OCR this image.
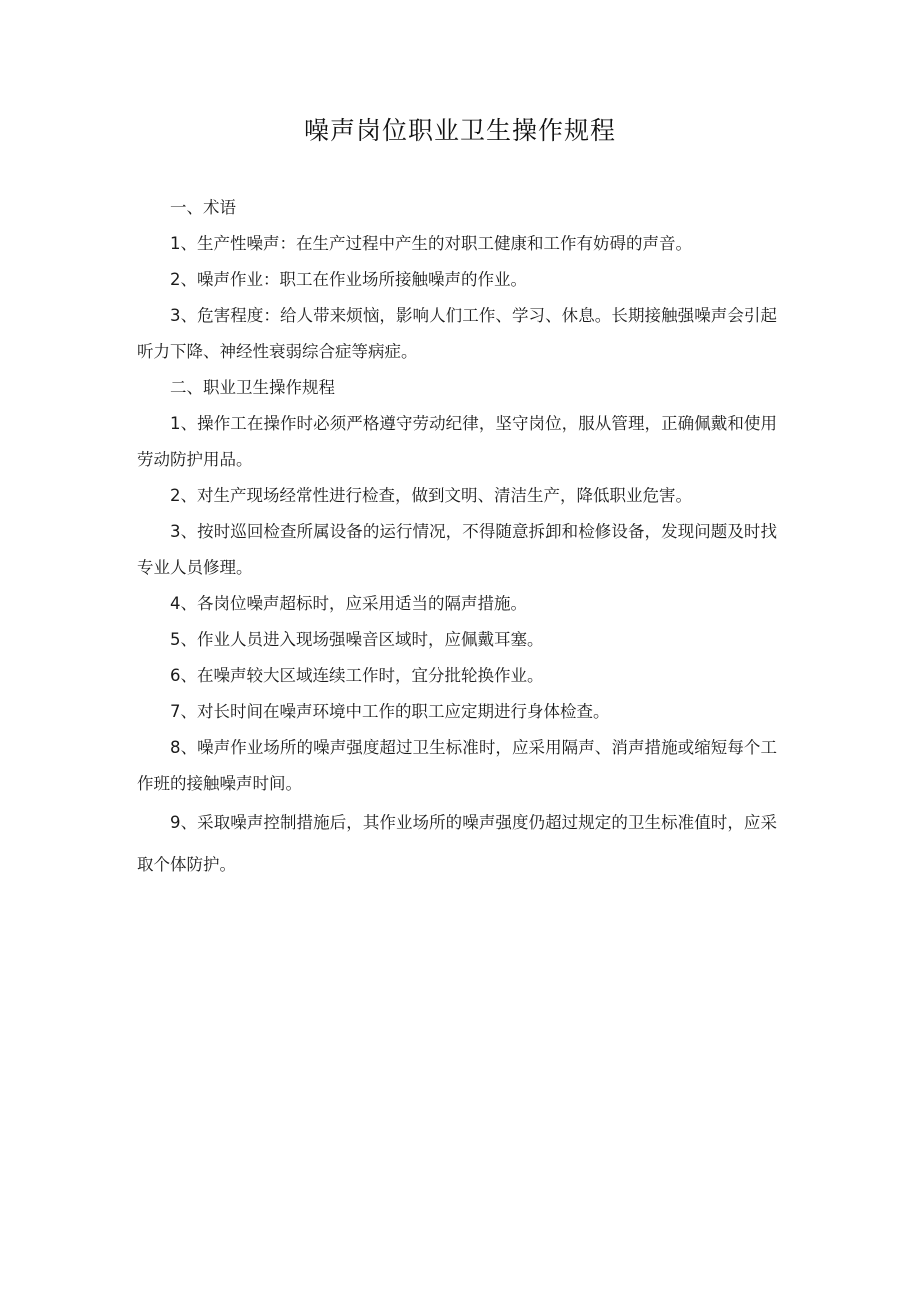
噪声岗位职业卫生操作规程

一、术语

1、生产性噪声：在生产过程中产生的对职工健康和工作有妨碍的声音。

2、噪声作业：职工在作业场所接触噪声的作业。

3、危害程度：给人带来烦恼，影响人们工作、学习、休息。长期接触强噪声会引起听力下降、神经性衰弱综合症等病症。

二、职业卫生操作规程

1、操作工在操作时必须严格遵守劳动纪律，坚守岗位，服从管理，正确佩戴和使用劳动防护用品。

2、对生产现场经常性进行检查，做到文明、清洁生产，降低职业危害。

3、按时巡回检查所属设备的运行情况，不得随意拆卸和检修设备，发现问题及时找专业人员修理。

4、各岗位噪声超标时，应采用适当的隔声措施。

5、作业人员进入现场强噪音区域时，应佩戴耳塞。

6、在噪声较大区域连续工作时，宜分批轮换作业。

7、对长时间在噪声环境中工作的职工应定期进行身体检查。

8、噪声作业场所的噪声强度超过卫生标准时，应采用隔声、消声措施或缩短每个工作班的接触噪声时间。

9、采取噪声控制措施后，其作业场所的噪声强度仍超过规定的卫生标准值时，应采取个体防护。
